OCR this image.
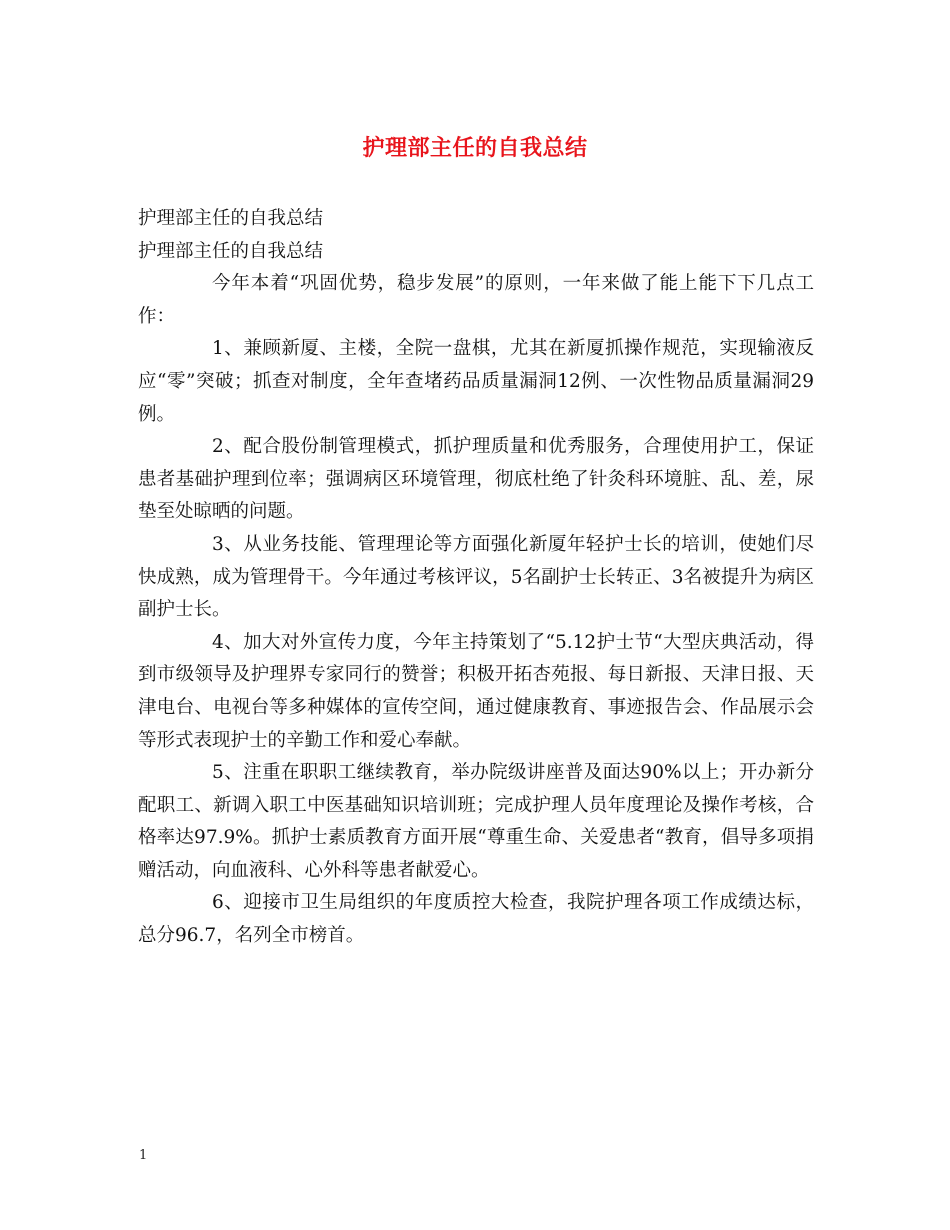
护理部主任的自我总结

护理部主任的自我总结

护理部主任的自我总结

今年本着“巩固优势，稳步发展”的原则，一年来做了能上能下下几点工作：

1、兼顾新厦、主楼，全院一盘棋，尤其在新厦抓操作规范，实现输液反应“零”突破；抓查对制度，全年查堵药品质量漏洞12例、一次性物品质量漏洞29例。

2、配合股份制管理模式，抓护理质量和优秀服务，合理使用护工，保证患者基础护理到位率；强调病区环境管理，彻底杜绝了针灸科环境脏、乱、差，尿垫至处晾晒的问题。

3、从业务技能、管理理论等方面强化新厦年轻护士长的培训，使她们尽快成熟，成为管理骨干。今年通过考核评议，5名副护士长转正、3名被提升为病区副护士长。

4、加大对外宣传力度，今年主持策划了“5.12护士节“大型庆典活动，得到市级领导及护理界专家同行的赞誉；积极开拓杏苑报、每日新报、天津日报、天津电台、电视台等多种媒体的宣传空间，通过健康教育、事迹报告会、作品展示会等形式表现护士的辛勤工作和爱心奉献。

5、注重在职职工继续教育，举办院级讲座普及面达90%以上；开办新分配职工、新调入职工中医基础知识培训班；完成护理人员年度理论及操作考核，合格率达97.9%。抓护士素质教育方面开展“尊重生命、关爱患者“教育，倡导多项捐赠活动，向血液科、心外科等患者献爱心。

6、迎接市卫生局组织的年度质控大检查，我院护理各项工作成绩达标，总分96.7，名列全市榜首。

1
